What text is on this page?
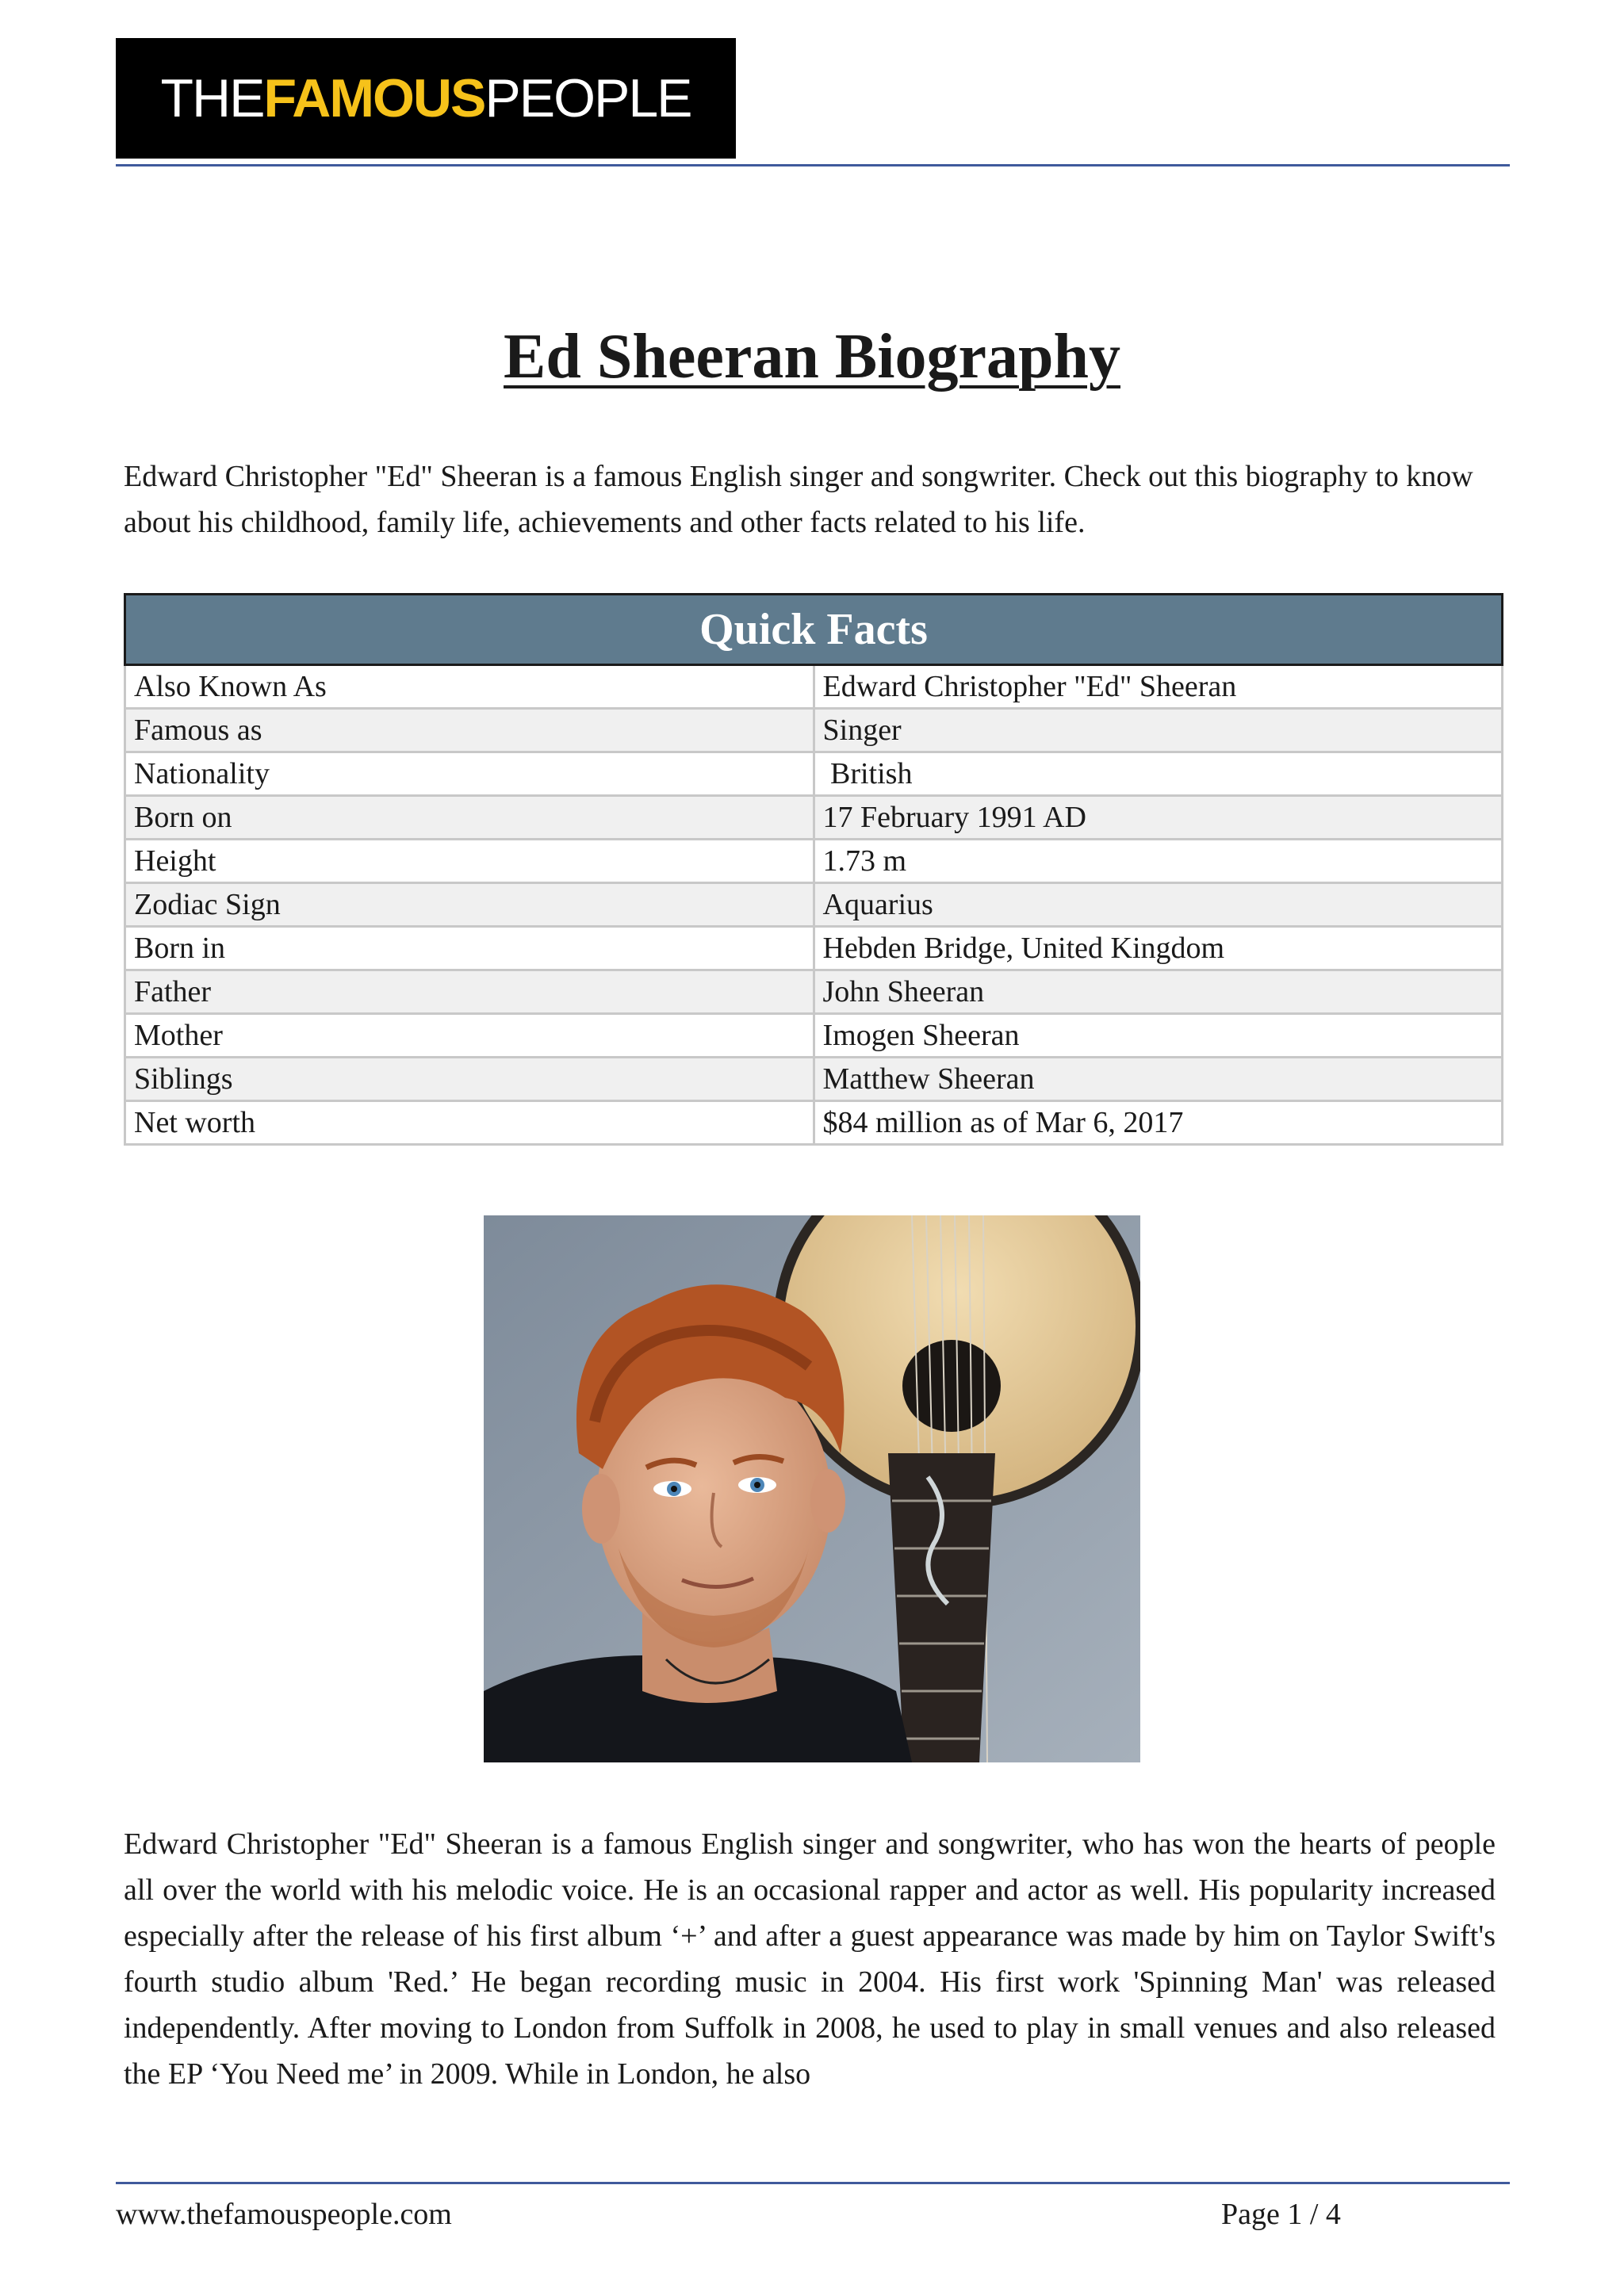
THE FAMOUS PEOPLE
Ed Sheeran Biography

Edward Christopher "Ed" Sheeran is a famous English singer and songwriter. Check out this biography to know about his childhood, family life, achievements and other facts related to his life.

Quick Facts	
Also Known As	Edward Christopher "Ed" Sheeran
Famous as	Singer
Nationality	British
Born on	17 February 1991 AD
Height	1.73 m
Zodiac Sign	Aquarius
Born in	Hebden Bridge, United Kingdom
Father	John Sheeran
Mother	Imogen Sheeran
Siblings	Matthew Sheeran
Net worth	$84 million as of Mar 6, 2017

Edward Christopher "Ed" Sheeran is a famous English singer and songwriter, who has won the hearts of people all over the world with his melodic voice. He is an occasional rapper and actor as well. His popularity increased especially after the release of his first album ‘+’ and after a guest appearance was made by him on Taylor Swift's fourth studio album 'Red.’ He began recording music in 2004. His first work 'Spinning Man' was released independently. After moving to London from Suffolk in 2008, he used to play in small venues and also released the EP ‘You Need me’ in 2009. While in London, he also

www.thefamouspeople.com	Page 1 / 4
